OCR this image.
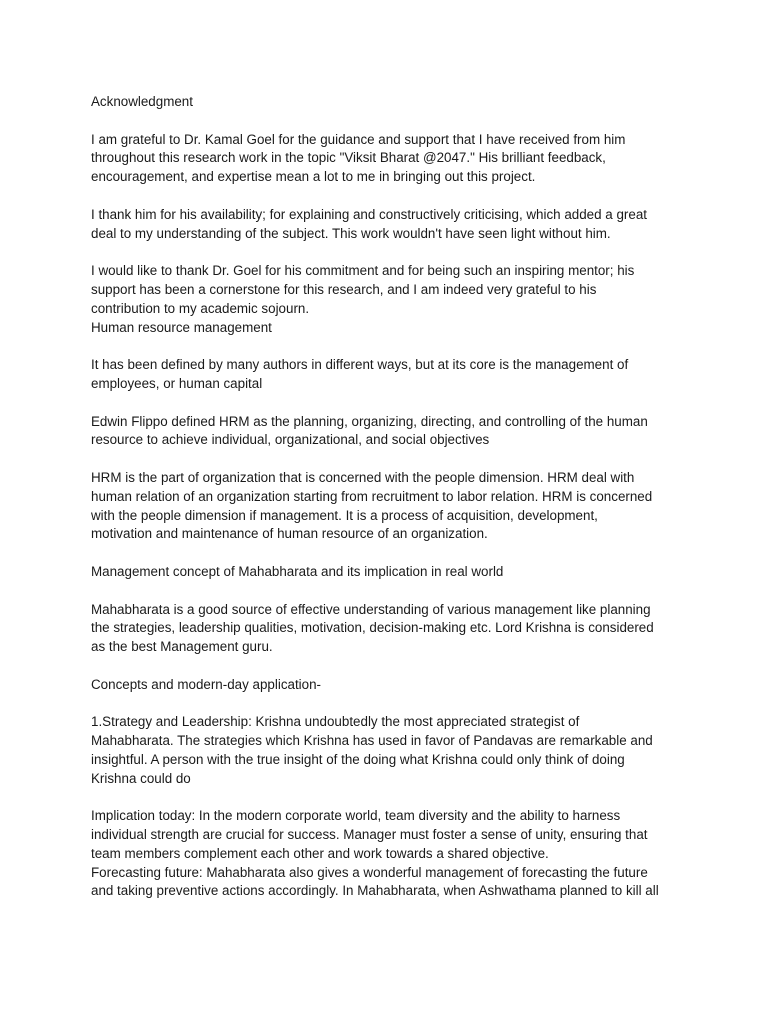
Acknowledgment
I am grateful to Dr. Kamal Goel for the guidance and support that I have received from him
throughout this research work in the topic "Viksit Bharat @2047." His brilliant feedback,
encouragement, and expertise mean a lot to me in bringing out this project.
I thank him for his availability; for explaining and constructively criticising, which added a great
deal to my understanding of the subject. This work wouldn't have seen light without him.
I would like to thank Dr. Goel for his commitment and for being such an inspiring mentor; his
support has been a cornerstone for this research, and I am indeed very grateful to his
contribution to my academic sojourn.
Human resource management
It has been defined by many authors in different ways, but at its core is the management of
employees, or human capital
Edwin Flippo defined HRM as the planning, organizing, directing, and controlling of the human
resource to achieve individual, organizational, and social objectives
HRM is the part of organization that is concerned with the people dimension. HRM deal with
human relation of an organization starting from recruitment to labor relation. HRM is concerned
with the people dimension if management. It is a process of acquisition, development,
motivation and maintenance of human resource of an organization.
Management concept of Mahabharata and its implication in real world
Mahabharata is a good source of effective understanding of various management like planning
the strategies, leadership qualities, motivation, decision-making etc. Lord Krishna is considered
as the best Management guru.
Concepts and modern-day application-
1.Strategy and Leadership: Krishna undoubtedly the most appreciated strategist of
Mahabharata. The strategies which Krishna has used in favor of Pandavas are remarkable and
insightful. A person with the true insight of the doing what Krishna could only think of doing
Krishna could do
Implication today: In the modern corporate world, team diversity and the ability to harness
individual strength are crucial for success. Manager must foster a sense of unity, ensuring that
team members complement each other and work towards a shared objective.
Forecasting future: Mahabharata also gives a wonderful management of forecasting the future
and taking preventive actions accordingly. In Mahabharata, when Ashwathama planned to kill all
